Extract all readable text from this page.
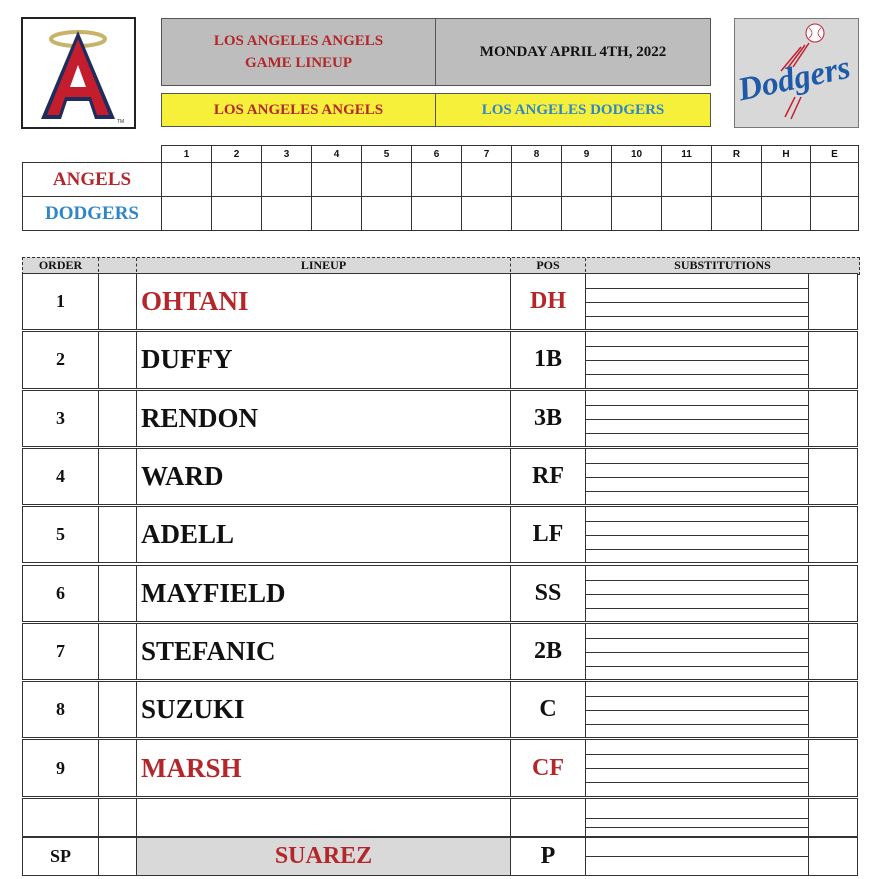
TM
LOS ANGELES ANGELS
GAME LINEUP
MONDAY APRIL 4TH, 2022
LOS ANGELES ANGELS	LOS ANGELES DODGERS
Dodgers
	1	2	3	4	5	6	7	8	9	10	11	R	H	E
ANGELS														
DODGERS														
ORDER	LINEUP	POS	SUBSTITUTIONS
1	OHTANI	DH
2	DUFFY	1B
3	RENDON	3B
4	WARD	RF
5	ADELL	LF
6	MAYFIELD	SS
7	STEFANIC	2B
8	SUZUKI	C
9	MARSH	CF
SP	SUAREZ	P
